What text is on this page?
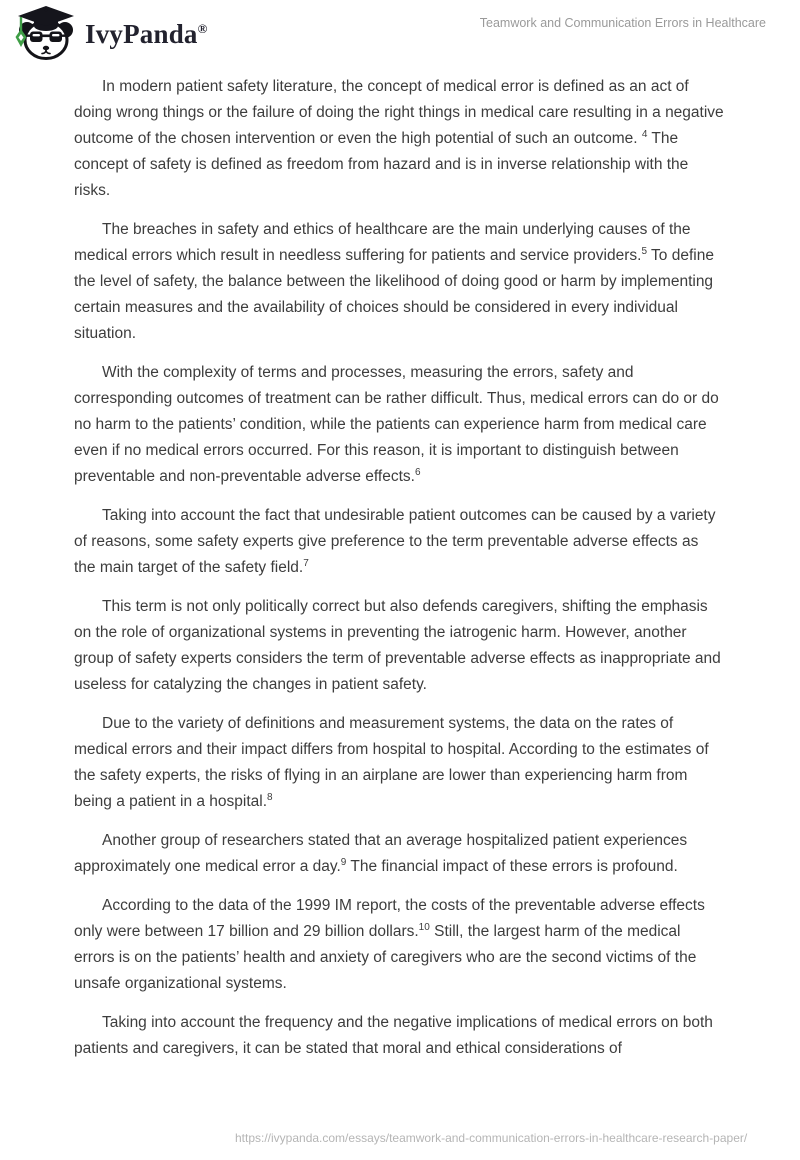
IvyPanda®	Teamwork and Communication Errors in Healthcare

In modern patient safety literature, the concept of medical error is defined as an act of doing wrong things or the failure of doing the right things in medical care resulting in a negative outcome of the chosen intervention or even the high potential of such an outcome. $^4$ The concept of safety is defined as freedom from hazard and is in inverse relationship with the risks.

The breaches in safety and ethics of healthcare are the main underlying causes of the medical errors which result in needless suffering for patients and service providers.$^5$ To define the level of safety, the balance between the likelihood of doing good or harm by implementing certain measures and the availability of choices should be considered in every individual situation.

With the complexity of terms and processes, measuring the errors, safety and corresponding outcomes of treatment can be rather difficult. Thus, medical errors can do or do no harm to the patients’ condition, while the patients can experience harm from medical care even if no medical errors occurred. For this reason, it is important to distinguish between preventable and non-preventable adverse effects.$^6$

Taking into account the fact that undesirable patient outcomes can be caused by a variety of reasons, some safety experts give preference to the term preventable adverse effects as the main target of the safety field.$^7$

This term is not only politically correct but also defends caregivers, shifting the emphasis on the role of organizational systems in preventing the iatrogenic harm. However, another group of safety experts considers the term of preventable adverse effects as inappropriate and useless for catalyzing the changes in patient safety.

Due to the variety of definitions and measurement systems, the data on the rates of medical errors and their impact differs from hospital to hospital. According to the estimates of the safety experts, the risks of flying in an airplane are lower than experiencing harm from being a patient in a hospital.$^8$

Another group of researchers stated that an average hospitalized patient experiences approximately one medical error a day.$^9$ The financial impact of these errors is profound.

According to the data of the 1999 IM report, the costs of the preventable adverse effects only were between 17 billion and 29 billion dollars.$^{10}$ Still, the largest harm of the medical errors is on the patients’ health and anxiety of caregivers who are the second victims of the unsafe organizational systems.

Taking into account the frequency and the negative implications of medical errors on both patients and caregivers, it can be stated that moral and ethical considerations of

https://ivypanda.com/essays/teamwork-and-communication-errors-in-healthcare-research-paper/
